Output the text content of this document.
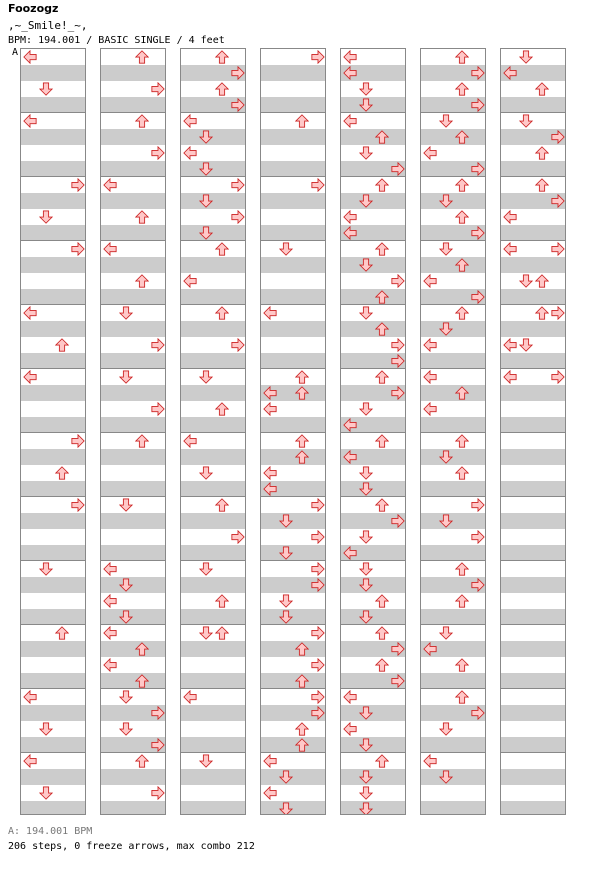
Foozogz
,~_Smile!_~,
BPM: 194.001 / BASIC SINGLE / 4 feet
A
A: 194.001 BPM
206 steps, 0 freeze arrows, max combo 212
